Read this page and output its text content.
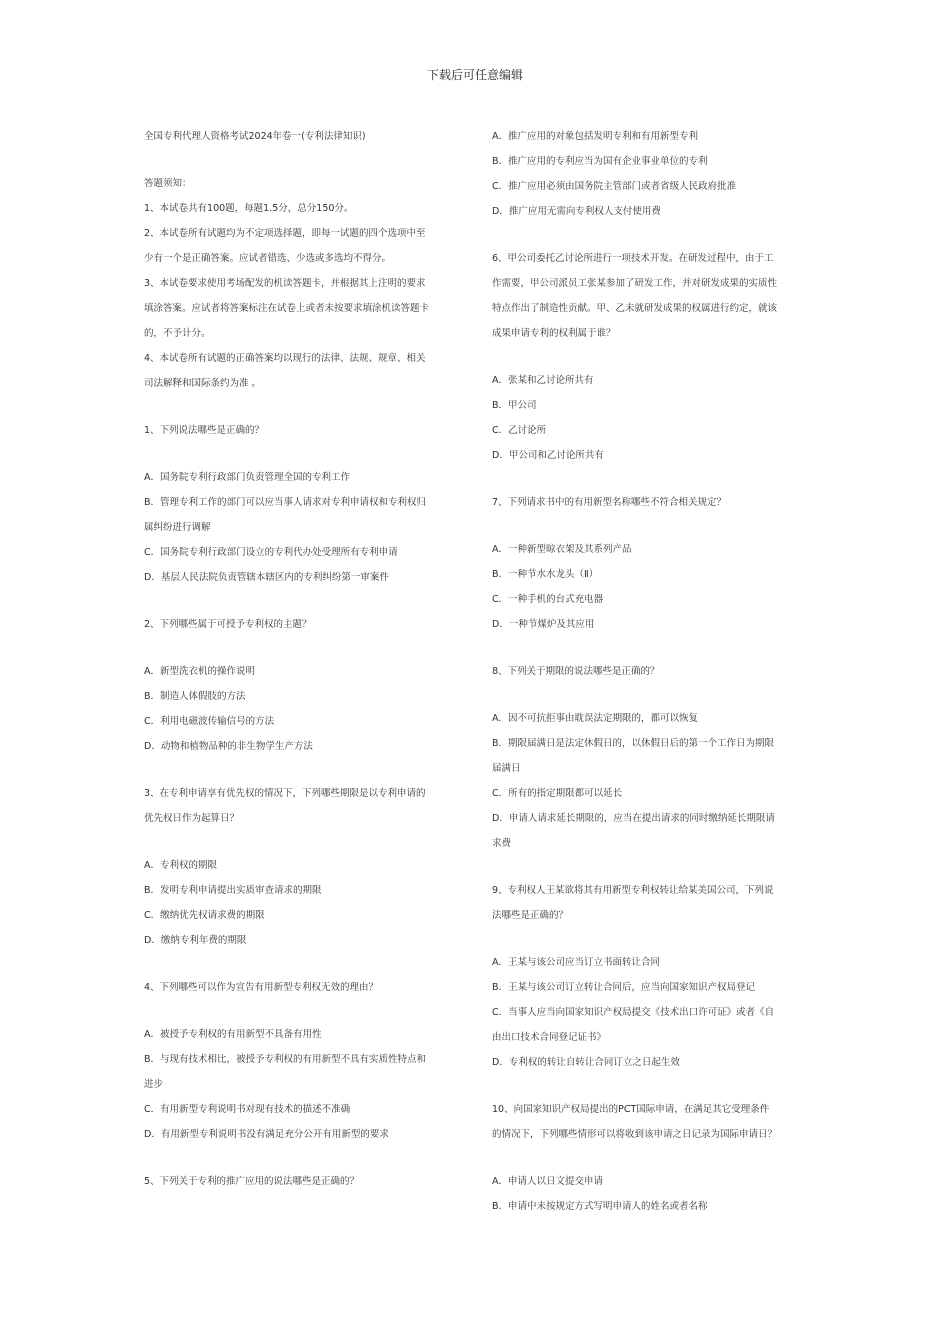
下载后可任意编辑
全国专利代理人资格考试2024年卷一(专利法律知识)
答题须知：
1、本试卷共有100题，每题1.5分，总分150分。
2、本试卷所有试题均为不定项选择题，即每一试题的四个选项中至
少有一个是正确答案。应试者错选、少选或多选均不得分。
3、本试卷要求使用考场配发的机读答题卡，并根据其上注明的要求
填涂答案。应试者将答案标注在试卷上或者未按要求填涂机读答题卡
的，不予计分。
4、本试卷所有试题的正确答案均以现行的法律、法规、规章、相关
司法解释和国际条约为准 。
1、下列说法哪些是正确的？
A．国务院专利行政部门负责管理全国的专利工作
B．管理专利工作的部门可以应当事人请求对专利申请权和专利权归
属纠纷进行调解
C．国务院专利行政部门设立的专利代办处受理所有专利申请
D．基层人民法院负责管辖本辖区内的专利纠纷第一审案件
2、下列哪些属于可授予专利权的主题？
A．新型洗衣机的操作说明
B．制造人体假肢的方法
C．利用电磁波传输信号的方法
D．动物和植物品种的非生物学生产方法
3、在专利申请享有优先权的情况下，下列哪些期限是以专利申请的
优先权日作为起算日？
A．专利权的期限
B．发明专利申请提出实质审查请求的期限
C．缴纳优先权请求费的期限
D．缴纳专利年费的期限
4、下列哪些可以作为宣告有用新型专利权无效的理由？
A．被授予专利权的有用新型不具备有用性
B．与现有技术相比，被授予专利权的有用新型不具有实质性特点和
进步
C．有用新型专利说明书对现有技术的描述不准确
D．有用新型专利说明书没有满足充分公开有用新型的要求
5、下列关于专利的推广应用的说法哪些是正确的？
A．推广应用的对象包括发明专利和有用新型专利
B．推广应用的专利应当为国有企业事业单位的专利
C．推广应用必须由国务院主管部门或者省级人民政府批准
D．推广应用无需向专利权人支付使用费
6、甲公司委托乙讨论所进行一项技术开发。在研发过程中，由于工
作需要，甲公司派员工张某参加了研发工作，并对研发成果的实质性
特点作出了制造性贡献。甲、乙未就研发成果的权属进行约定，就该
成果申请专利的权利属于谁？
A．张某和乙讨论所共有
B．甲公司
C．乙讨论所
D．甲公司和乙讨论所共有
7、下列请求书中的有用新型名称哪些不符合相关规定？
A．一种新型晾衣架及其系列产品
B．一种节水水龙头（Ⅱ）
C．一种手机的台式充电器
D．一种节煤炉及其应用
8、下列关于期限的说法哪些是正确的？
A．因不可抗拒事由耽误法定期限的，都可以恢复
B．期限届满日是法定休假日的，以休假日后的第一个工作日为期限
届满日
C．所有的指定期限都可以延长
D．申请人请求延长期限的，应当在提出请求的同时缴纳延长期限请
求费
9、专利权人王某欲将其有用新型专利权转让给某美国公司，下列说
法哪些是正确的？
A．王某与该公司应当订立书面转让合同
B．王某与该公司订立转让合同后，应当向国家知识产权局登记
C．当事人应当向国家知识产权局提交《技术出口许可证》或者《自
由出口技术合同登记证书》
D．专利权的转让自转让合同订立之日起生效
10、向国家知识产权局提出的PCT国际申请，在满足其它受理条件
的情况下，下列哪些情形可以将收到该申请之日记录为国际申请日？
A．申请人以日文提交申请
B．申请中未按规定方式写明申请人的姓名或者名称
